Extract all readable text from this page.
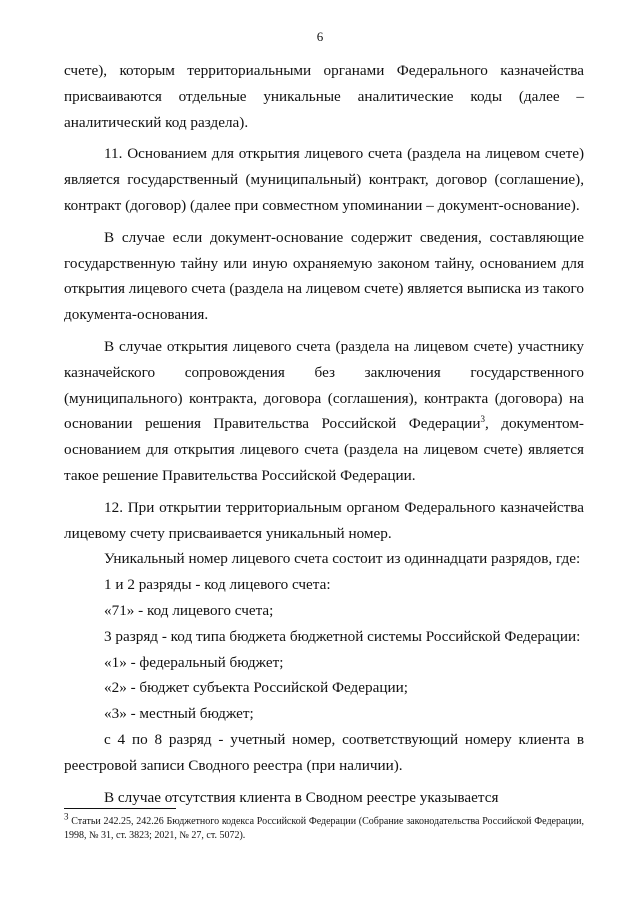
6

счете), которым территориальными органами Федерального казначейства присваиваются отдельные уникальные аналитические коды (далее – аналитический код раздела).

11. Основанием для открытия лицевого счета (раздела на лицевом счете) является государственный (муниципальный) контракт, договор (соглашение), контракт (договор) (далее при совместном упоминании – документ-основание).

В случае если документ-основание содержит сведения, составляющие государственную тайну или иную охраняемую законом тайну, основанием для открытия лицевого счета (раздела на лицевом счете) является выписка из такого документа-основания.

В случае открытия лицевого счета (раздела на лицевом счете) участнику казначейского сопровождения без заключения государственного (муниципального) контракта, договора (соглашения), контракта (договора) на основании решения Правительства Российской Федерации$^3$, документом-основанием для открытия лицевого счета (раздела на лицевом счете) является такое решение Правительства Российской Федерации.

12. При открытии территориальным органом Федерального казначейства лицевому счету присваивается уникальный номер.

Уникальный номер лицевого счета состоит из одиннадцати разрядов, где:

1 и 2 разряды - код лицевого счета:

«71» - код лицевого счета;

3 разряд - код типа бюджета бюджетной системы Российской Федерации:

«1» - федеральный бюджет;

«2» - бюджет субъекта Российской Федерации;

«3» - местный бюджет;

с 4 по 8 разряд - учетный номер, соответствующий номеру клиента в реестровой записи Сводного реестра (при наличии).

В случае отсутствия клиента в Сводном реестре указывается

$^3$ Статьи 242.25, 242.26 Бюджетного кодекса Российской Федерации (Собрание законодательства Российской Федерации, 1998, № 31, ст. 3823; 2021, № 27, ст. 5072).
